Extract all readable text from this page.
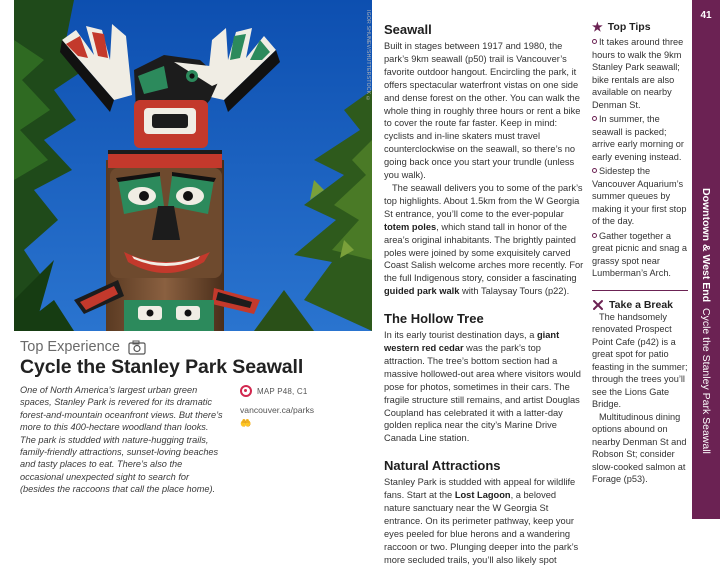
IGOR SHUNEV/SHUTTERSTOCK ©
Top Experience
Cycle the Stanley Park Seawall

One of North America’s largest urban green spaces, Stanley Park is revered for its dramatic forest-and-mountain oceanfront views. But there’s more to this 400-hectare woodland than looks. The park is studded with nature-hugging trails, family-friendly attractions, sunset-loving beaches and tasty places to eat. There’s also the occasional unexpected sight to search for (besides the raccoons that call the place home).

MAP P48, C1
vancouver.ca/parks
🤲
Seawall

Built in stages between 1917 and 1980, the park’s 9km seawall (p50) trail is Vancouver’s favorite outdoor hangout. Encircling the park, it offers spectacular waterfront vistas on one side and dense forest on the other. You can walk the whole thing in roughly three hours or rent a bike to cover the route far faster. Keep in mind: cyclists and in-line skaters must travel counterclockwise on the seawall, so there’s no going back once you start your trundle (unless you walk).

The seawall delivers you to some of the park’s top highlights. About 1.5km from the W Georgia St entrance, you’ll come to the ever-popular totem poles, which stand tall in honor of the area’s original inhabitants. The brightly painted poles were joined by some exquisitely carved Coast Salish welcome arches more recently. For the full Indigenous story, consider a fascinating guided park walk with Talaysay Tours (p22).

The Hollow Tree

In its early tourist destination days, a giant western red cedar was the park’s top attraction. The tree’s bottom section had a massive hollowed-out area where visitors would pose for photos, sometimes in their cars. The fragile structure still remains, and artist Douglas Coupland has celebrated it with a latter-day golden replica near the city’s Marine Drive Canada Line station.

Natural Attractions

Stanley Park is studded with appeal for wildlife fans. Start at the Lost Lagoon, a beloved nature sanctuary near the W Georgia St entrance. On its perimeter pathway, keep your eyes peeled for blue herons and a wandering raccoon or two. Plunging deeper into the park’s more secluded trails, you’ll also likely spot

★ Top Tips
It takes around three hours to walk the 9km Stanley Park seawall; bike rentals are also available on nearby Denman St.
In summer, the seawall is packed; arrive early morning or early evening instead.
Sidestep the Vancouver Aquarium’s summer queues by making it your first stop of the day.
Gather together a great picnic and snag a grassy spot near Lumberman’s Arch.
Take a Break

The handsomely renovated Prospect Point Cafe (p42) is a great spot for patio feasting in the summer; through the trees you’ll see the Lions Gate Bridge.

Multitudinous dining options abound on nearby Denman St and Robson St; consider slow-cooked salmon at Forage (p53).

41
Downtown & West End  Cycle the Stanley Park Seawall
